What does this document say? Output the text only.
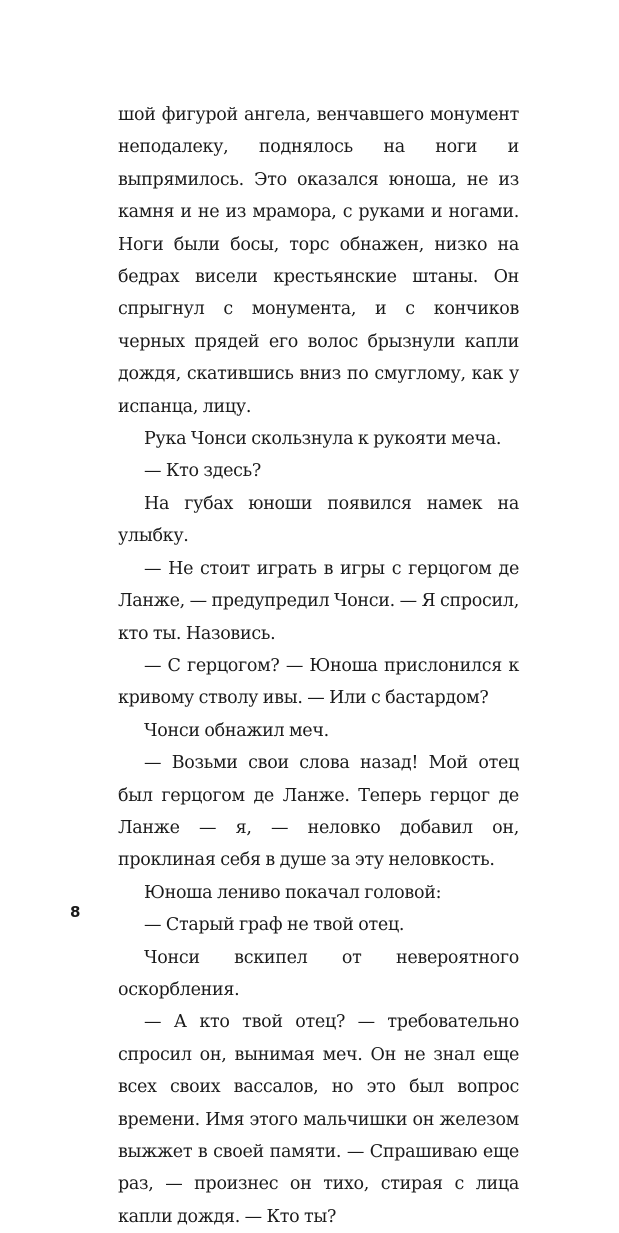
шой фигурой ангела, венчавшего монумент неподалеку, поднялось на ноги и выпрямилось. Это оказался юноша, не из камня и не из мрамора, с руками и ногами. Ноги были босы, торс обнажен, низко на бедрах висели крестьянские штаны. Он спрыгнул с монумента, и с кончиков черных прядей его волос брызнули капли дождя, скатившись вниз по смуглому, как у испанца, лицу.

Рука Чонси скользнула к рукояти меча.

— Кто здесь?

На губах юноши появился намек на улыбку.

— Не стоит играть в игры с герцогом де Ланже, — предупредил Чонси. — Я спросил, кто ты. Назовись.

— С герцогом? — Юноша прислонился к кривому стволу ивы. — Или с бастардом?

Чонси обнажил меч.

— Возьми свои слова назад! Мой отец был герцогом де Ланже. Теперь герцог де Ланже — я, — неловко добавил он, проклиная себя в душе за эту неловкость.

Юноша лениво покачал головой:

— Старый граф не твой отец.

Чонси вскипел от невероятного оскорбления.

— А кто твой отец? — требовательно спросил он, вынимая меч. Он не знал еще всех своих вассалов, но это был вопрос времени. Имя этого мальчишки он железом выжжет в своей памяти. — Спрашиваю еще раз, — произнес он тихо, стирая с лица капли дождя. — Кто ты?

8
